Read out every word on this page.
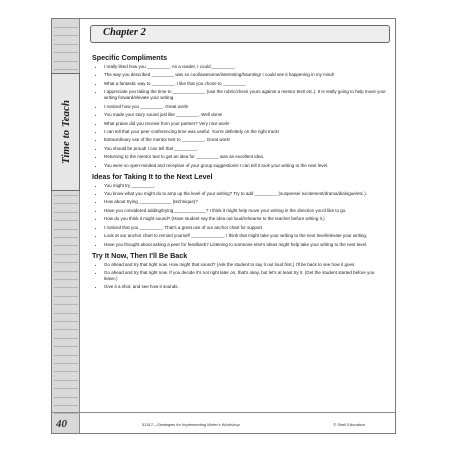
Time to Teach
Chapter 2
Specific Compliments
• I really liked how you _________. As a reader, I could _________.
• The way you described _________ was so cool/awesome/interesting/haunting! I could see it happening in my mind!
• What a fantastic way to _________. I like that you chose to _________.
• I appreciate you taking the time to _____________ (use the rubric/check yours against a mentor text/ etc.). It is really going to help move your writing forward/elevate your writing.
• I noticed how you _________. Great work!
• You made your story sound just like _________. Well done!
• What praise did you receive from your partner? Very nice work!
• I can tell that your peer conferencing time was useful. You're definitely on the right track!
• Extraordinary use of the mentor text to _________. Great work!
• You should be proud! I can tell that _________.
• Returning to the mentor text to get an idea for _________ was an excellent idea.
• You were so open-minded and receptive of your group suggestions! I can tell it took your writing to the next level.
Ideas for Taking It to the Next Level
• You might try _________.
• You know what you might do to amp up the level of your writing? Try to add _________ (suspense/ excitement/drama/dialogue/etc.).
• How about trying _____________ (technique)?
• Have you considered adding/trying_____________? I think it might help move your writing in the direction you'd like to go.
• How do you think it might sound? (Have student say the idea out loud/rehearse to the teacher before writing it.)
• I noticed that you _________. That's a great use of our anchor chart for support.
• Look at our anchor chart to remind yourself _____________. I think that might take your writing to the next level/elevate your writing.
• Have you thought about asking a peer for feedback? Listening to someone else's ideas might help take your writing to the next level.
Try It Now, Then I'll Be Back
• Go ahead and try that right now. How might that sound? (Ask the student to say it out loud first.) I'll be back to see how it goes.
• Go ahead and try that right now. If you decide it's not right later on, that's okay, but let's at least try it. (Get the student started before you leave.)
• Give it a shot, and see how it sounds.
40	51517—Strategies for Implementing Writer's Workshop	© Shell Education
